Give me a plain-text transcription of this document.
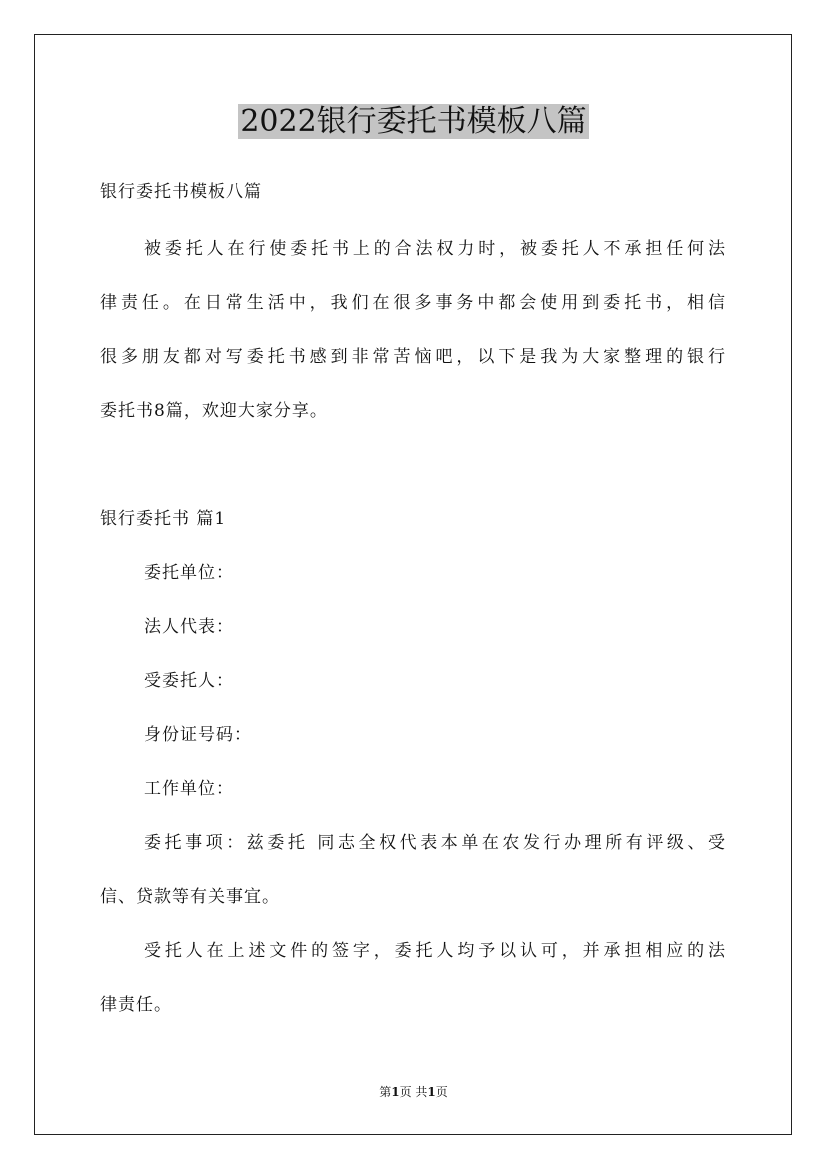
2022银行委托书模板八篇
银行委托书模板八篇
被委托人在行使委托书上的合法权力时，被委托人不承担任何法
律责任。在日常生活中，我们在很多事务中都会使用到委托书，相信
很多朋友都对写委托书感到非常苦恼吧，以下是我为大家整理的银行
委托书8篇，欢迎大家分享。
银行委托书 篇1
委托单位：
法人代表：
受委托人：
身份证号码：
工作单位：
委托事项：兹委托 同志全权代表本单在农发行办理所有评级、受
信、贷款等有关事宜。
受托人在上述文件的签字，委托人均予以认可，并承担相应的法
律责任。
第1页 共1页
